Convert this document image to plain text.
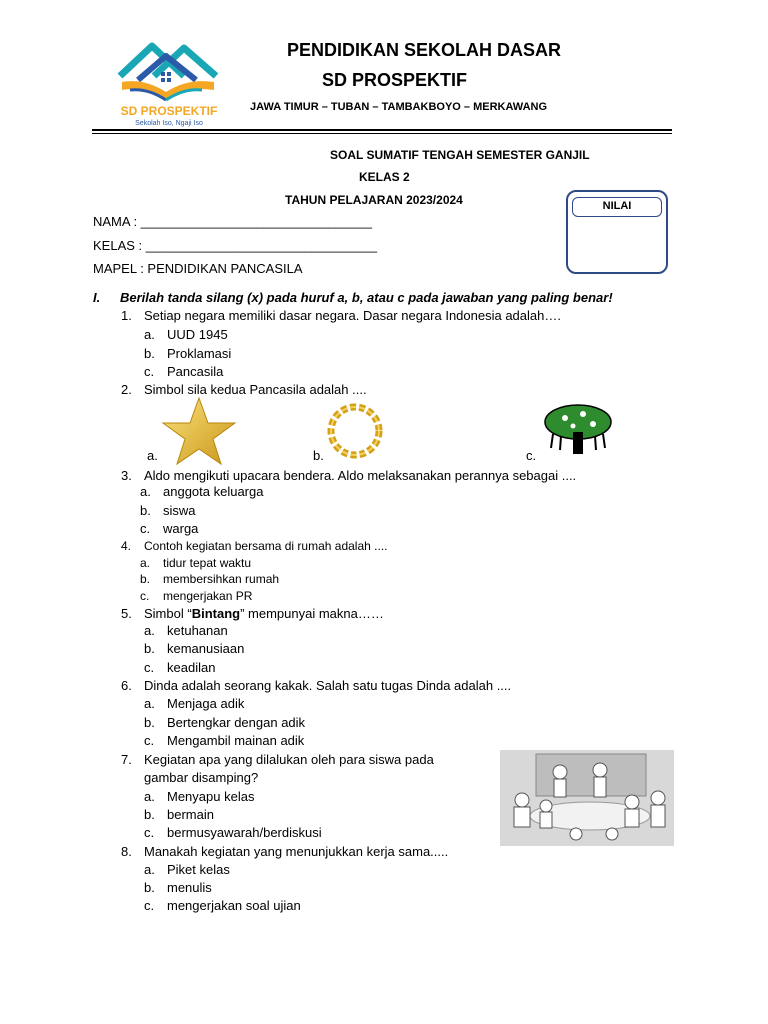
SD PROSPEKTIF
Sekolah Iso, Ngaji Iso
PENDIDIKAN SEKOLAH DASAR
SD PROSPEKTIF
JAWA TIMUR – TUBAN – TAMBAKBOYO – MERKAWANG
SOAL SUMATIF TENGAH SEMESTER GANJIL
KELAS 2
TAHUN PELAJARAN 2023/2024	NILAI
NAMA : ________________________________
KELAS : ________________________________
MAPEL : PENDIDIKAN PANCASILA
I. Berilah tanda silang (x) pada huruf a, b, atau c pada jawaban yang paling benar!
1. Setiap negara memiliki dasar negara. Dasar negara Indonesia adalah….
a. UUD 1945
b. Proklamasi
c. Pancasila
2. Simbol sila kedua Pancasila adalah ....
a.	b.	c.
3. Aldo mengikuti upacara bendera. Aldo melaksanakan perannya sebagai ....
a. anggota keluarga
b. siswa
c. warga
4. Contoh kegiatan bersama di rumah adalah ....
a. tidur tepat waktu
b. membersihkan rumah
c. mengerjakan PR
5. Simbol “Bintang” mempunyai makna……
a. ketuhanan
b. kemanusiaan
c. keadilan
6. Dinda adalah seorang kakak. Salah satu tugas Dinda adalah ....
a. Menjaga adik
b. Bertengkar dengan adik
c. Mengambil mainan adik
7. Kegiatan apa yang dilalukan oleh para siswa pada
gambar disamping?
a. Menyapu kelas
b. bermain
c. bermusyawarah/berdiskusi
8. Manakah kegiatan yang menunjukkan kerja sama.....
a. Piket kelas
b. menulis
c. mengerjakan soal ujian
